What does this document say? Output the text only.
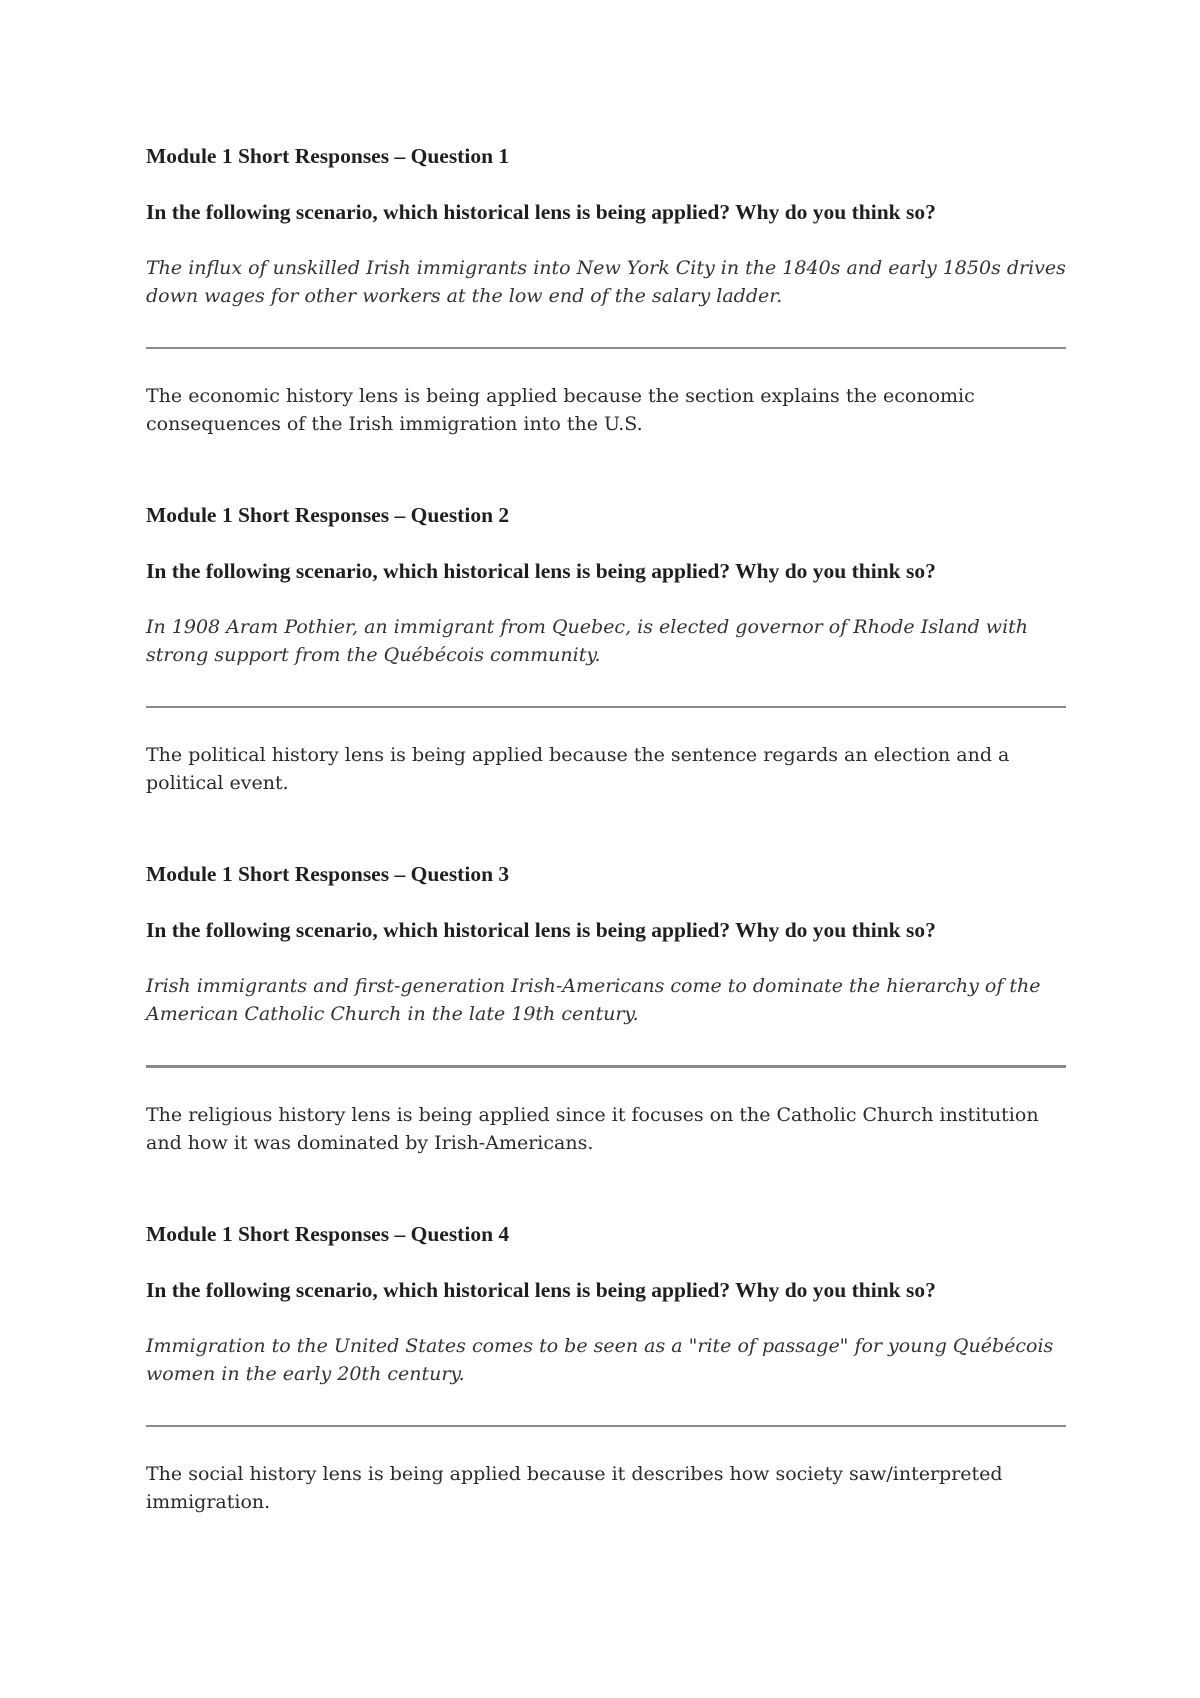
Module 1 Short Responses – Question 1

In the following scenario, which historical lens is being applied? Why do you think so?

The influx of unskilled Irish immigrants into New York City in the 1840s and early 1850s drives down wages for other workers at the low end of the salary ladder.

The economic history lens is being applied because the section explains the economic consequences of the Irish immigration into the U.S.

Module 1 Short Responses – Question 2

In the following scenario, which historical lens is being applied? Why do you think so?

In 1908 Aram Pothier, an immigrant from Quebec, is elected governor of Rhode Island with strong support from the Québécois community.

The political history lens is being applied because the sentence regards an election and a political event.

Module 1 Short Responses – Question 3

In the following scenario, which historical lens is being applied? Why do you think so?

Irish immigrants and first-generation Irish-Americans come to dominate the hierarchy of the American Catholic Church in the late 19th century.

The religious history lens is being applied since it focuses on the Catholic Church institution and how it was dominated by Irish-Americans.

Module 1 Short Responses – Question 4

In the following scenario, which historical lens is being applied? Why do you think so?

Immigration to the United States comes to be seen as a "rite of passage" for young Québécois women in the early 20th century.

The social history lens is being applied because it describes how society saw/interpreted immigration.
